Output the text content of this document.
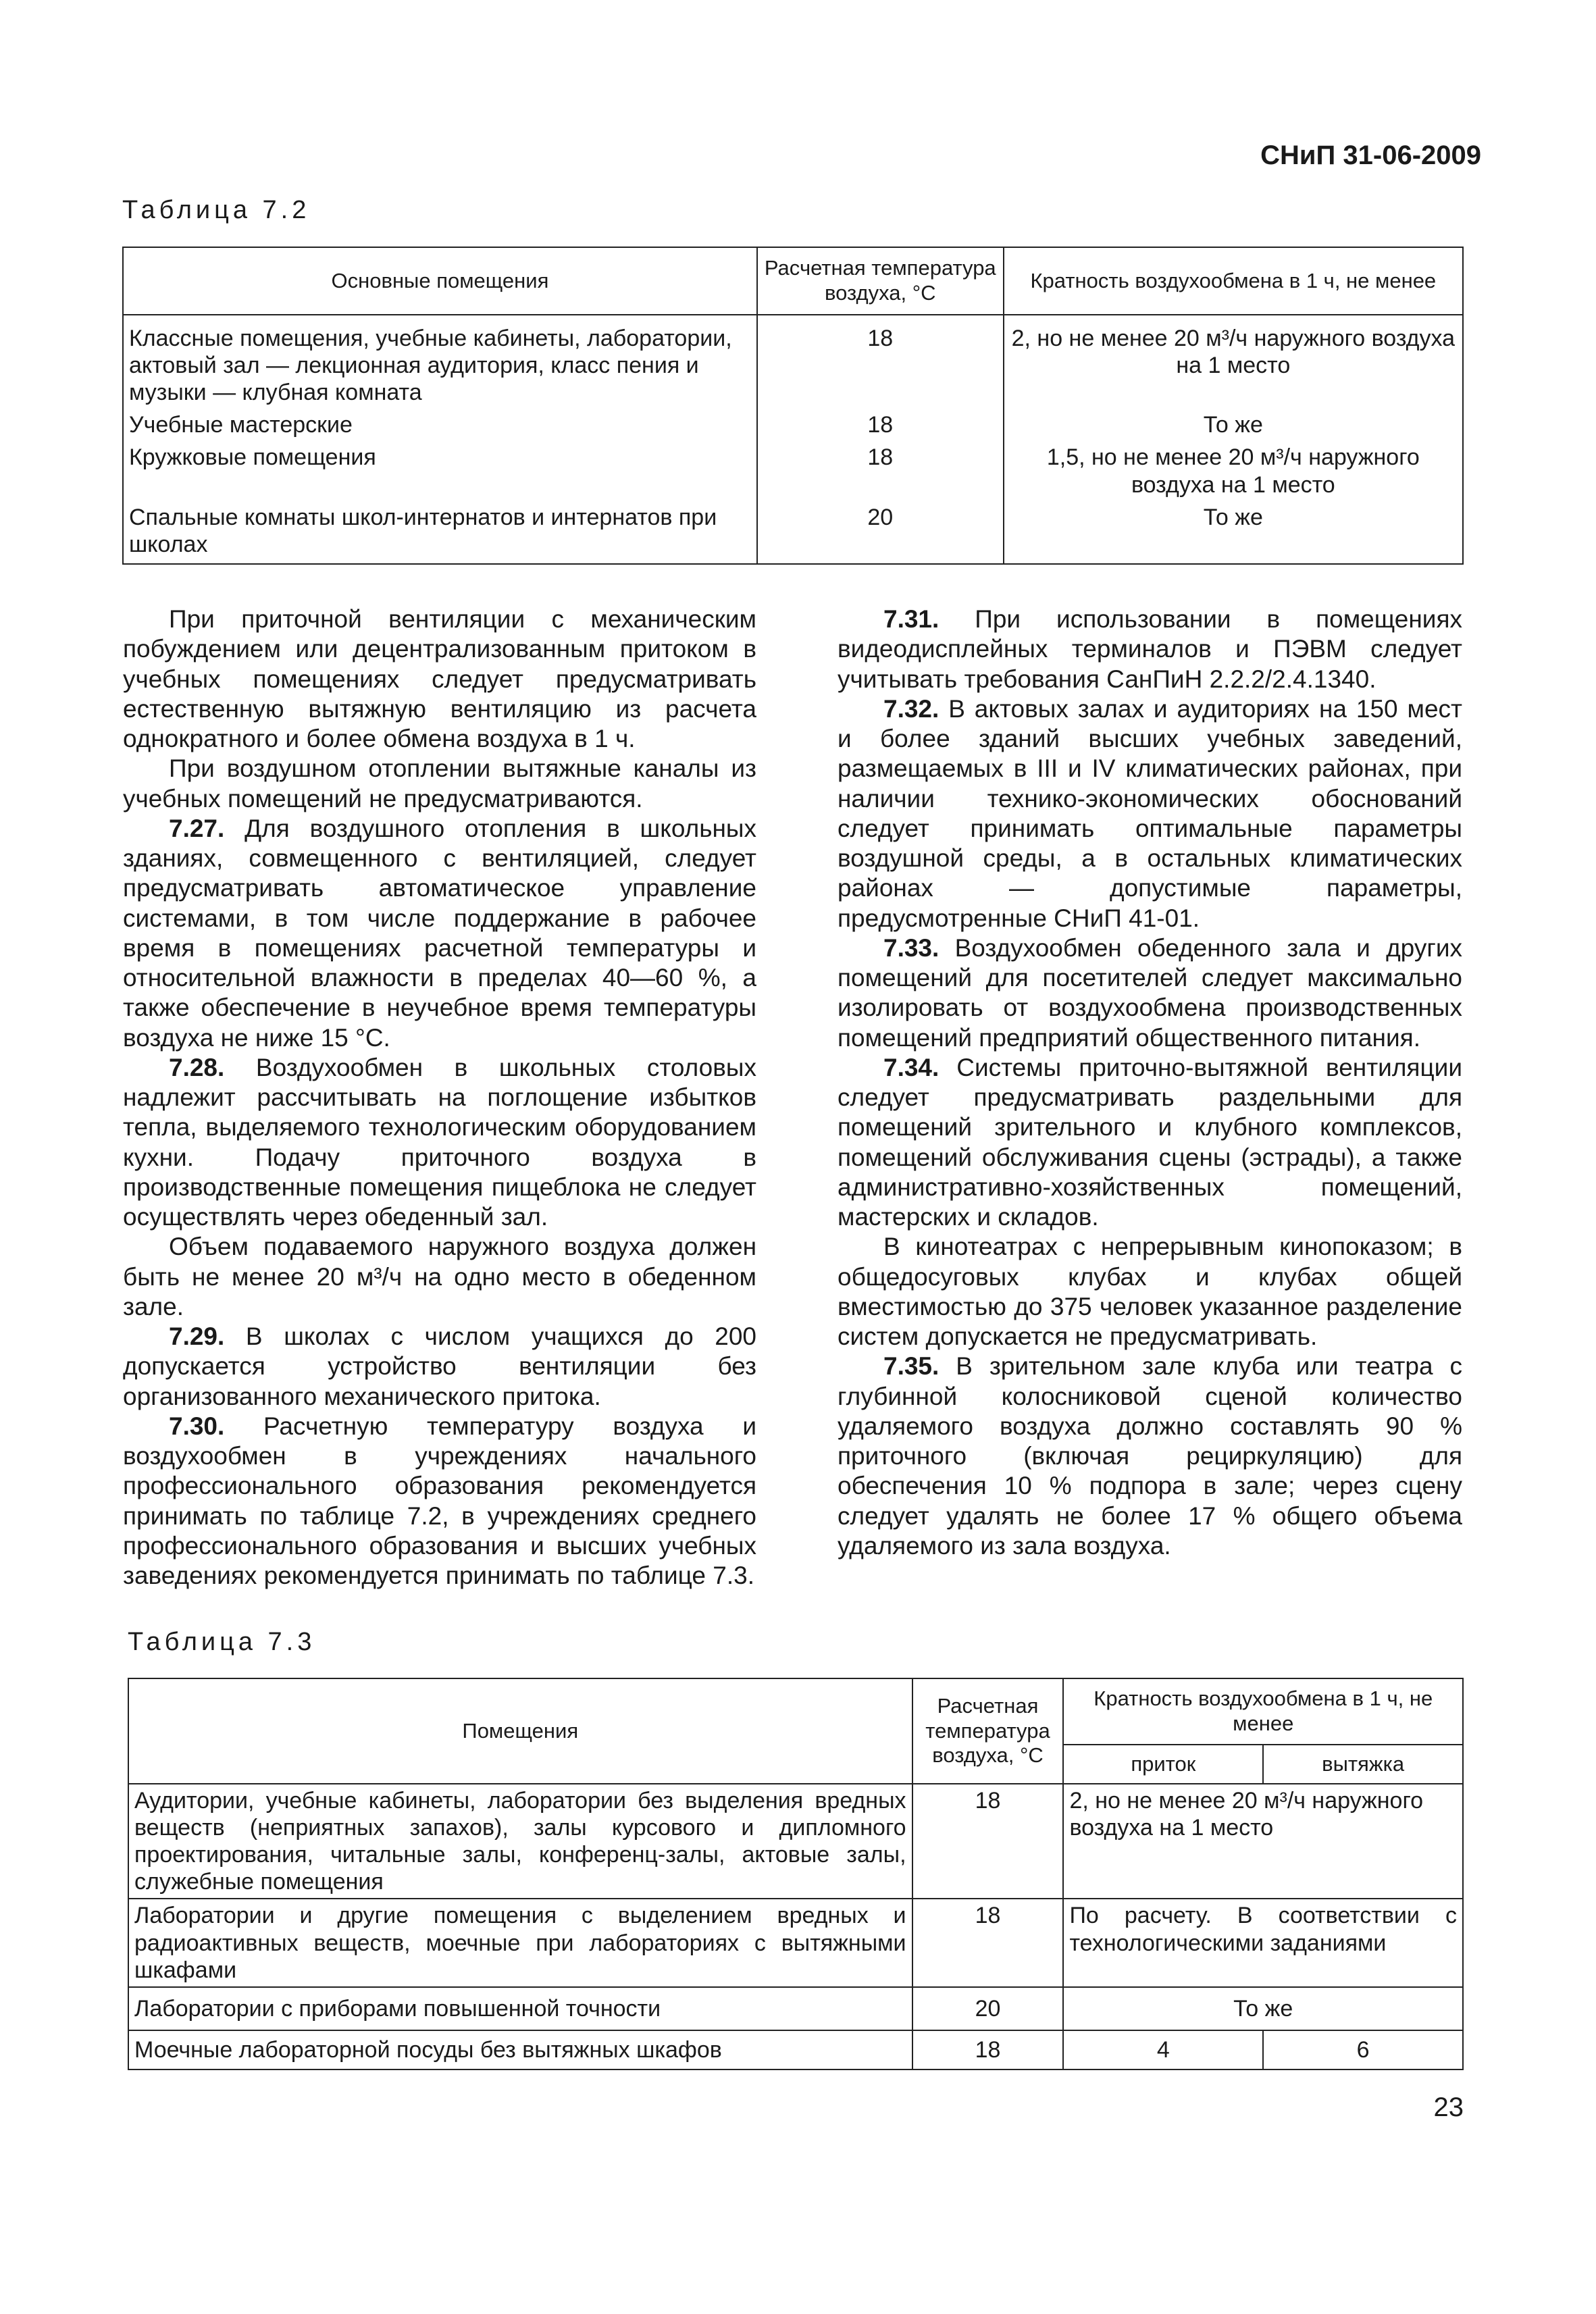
СНиП 31-06-2009
Таблица 7.2
Основные помещения	Расчетная температура воздуха, °С	Кратность воздухообмена в 1 ч, не менее
Классные помещения, учебные кабинеты, лаборатории, актовый зал — лекционная аудитория, класс пения и музыки — клубная комната	18	2, но не менее 20 м³/ч наружного воздуха на 1 место
Учебные мастерские	18	То же
Кружковые помещения	18	1,5, но не менее 20 м³/ч наружного воздуха на 1 место
Спальные комнаты школ-интернатов и интернатов при школах	20	То же

При приточной вентиляции с механическим побуждением или децентрализованным притоком в учебных помещениях следует предусматривать естественную вытяжную вентиляцию из расчета однократного и более обмена воздуха в 1 ч.

При воздушном отоплении вытяжные каналы из учебных помещений не предусматриваются.

7.27. Для воздушного отопления в школьных зданиях, совмещенного с вентиляцией, следует предусматривать автоматическое управление системами, в том числе поддержание в рабочее время в помещениях расчетной температуры и относительной влажности в пределах 40—60 %, а также обеспечение в неучебное время температуры воздуха не ниже 15 °С.

7.28. Воздухообмен в школьных столовых надлежит рассчитывать на поглощение избытков тепла, выделяемого технологическим оборудованием кухни. Подачу приточного воздуха в производственные помещения пищеблока не следует осуществлять через обеденный зал.

Объем подаваемого наружного воздуха должен быть не менее 20 м³/ч на одно место в обеденном зале.

7.29. В школах с числом учащихся до 200 допускается устройство вентиляции без организованного механического притока.

7.30. Расчетную температуру воздуха и воздухообмен в учреждениях начального профессионального образования рекомендуется принимать по таблице 7.2, в учреждениях среднего профессионального образования и высших учебных заведениях рекомендуется принимать по таблице 7.3.

7.31. При использовании в помещениях видеодисплейных терминалов и ПЭВМ следует учитывать требования СанПиН 2.2.2/2.4.1340.

7.32. В актовых залах и аудиториях на 150 мест и более зданий высших учебных заведений, размещаемых в III и IV климатических районах, при наличии технико-экономических обоснований следует принимать оптимальные параметры воздушной среды, а в остальных климатических районах — допустимые параметры, предусмотренные СНиП 41-01.

7.33. Воздухообмен обеденного зала и других помещений для посетителей следует максимально изолировать от воздухообмена производственных помещений предприятий общественного питания.

7.34. Системы приточно-вытяжной вентиляции следует предусматривать раздельными для помещений зрительного и клубного комплексов, помещений обслуживания сцены (эстрады), а также административно-хозяйственных помещений, мастерских и складов.

В кинотеатрах с непрерывным кинопоказом; в общедосуговых клубах и клубах общей вместимостью до 375 человек указанное разделение систем допускается не предусматривать.

7.35. В зрительном зале клуба или театра с глубинной колосниковой сценой количество удаляемого воздуха должно составлять 90 % приточного (включая рециркуляцию) для обеспечения 10 % подпора в зале; через сцену следует удалять не более 17 % общего объема удаляемого из зала воздуха.

Таблица 7.3
Помещения	Расчетная температура воздуха, °С	Кратность воздухообмена в 1 ч, не менее	
		приток	вытяжка
Аудитории, учебные кабинеты, лаборатории без выделения вредных веществ (неприятных запахов), залы курсового и дипломного проектирования, читальные залы, конференц-залы, актовые залы, служебные помещения	18	2, но не менее 20 м³/ч наружного воздуха на 1 место	
Лаборатории и другие помещения с выделением вредных и радиоактивных веществ, моечные при лабораториях с вытяжными шкафами	18	По расчету. В соответствии с технологическими заданиями	
Лаборатории с приборами повышенной точности	20	То же	
Моечные лабораторной посуды без вытяжных шкафов	18	4	6
23
